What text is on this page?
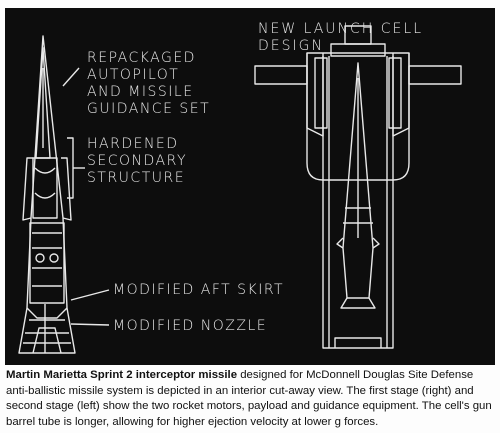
NEW LAUNCH CELL DESIGN
REPACKAGED
AUTOPILOT
AND MISSILE
GUIDANCE SET
HARDENED
SECONDARY
STRUCTURE
MODIFIED AFT SKIRT
MODIFIED NOZZLE
Martin Marietta Sprint 2 interceptor missile designed for McDonnell Douglas Site Defense anti-ballistic missile system is depicted in an interior cut-away view. The first stage (right) and second stage (left) show the two rocket motors, payload and guidance equipment. The cell's gun barrel tube is longer, allowing for higher ejection velocity at lower g forces.
